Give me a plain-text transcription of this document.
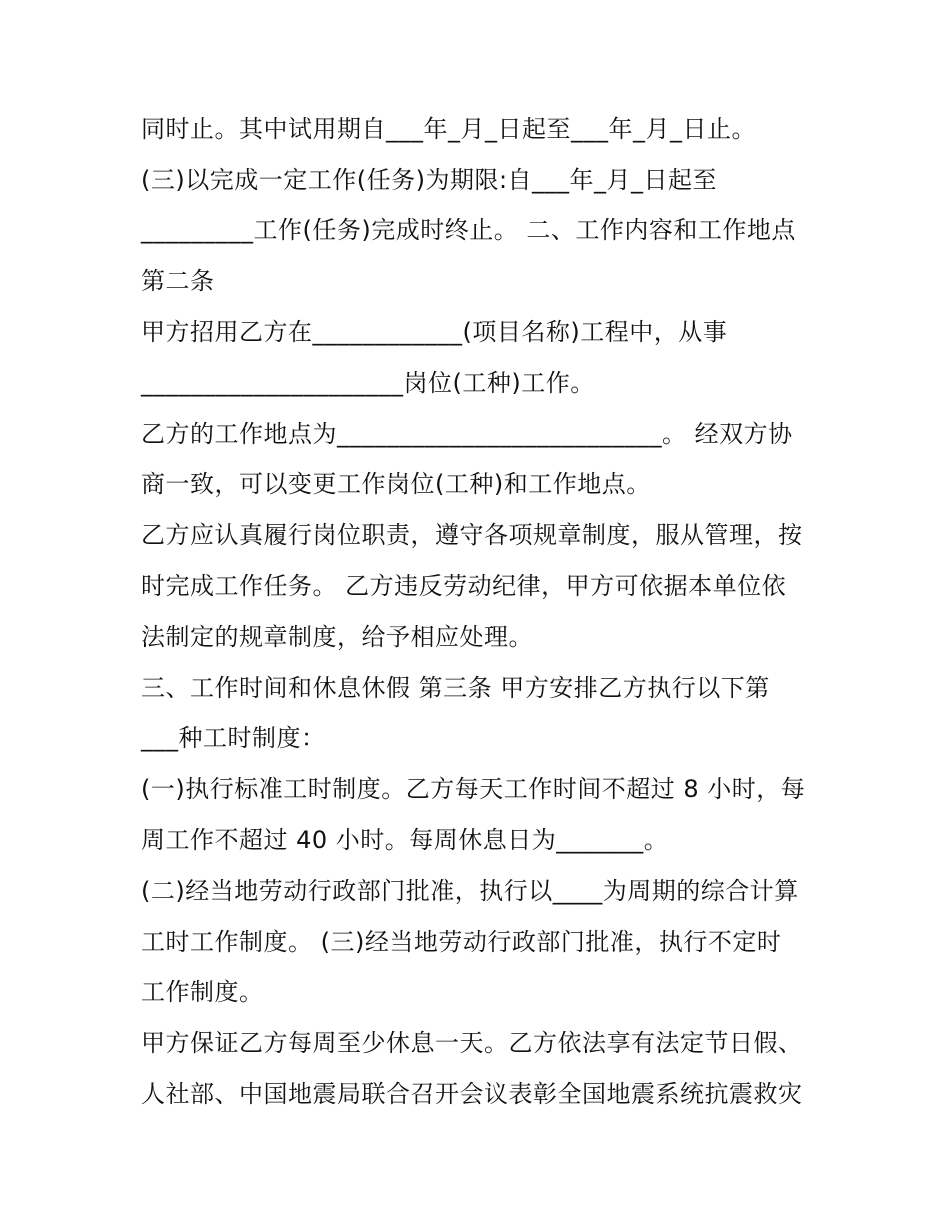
同时止。其中试用期自___年_月_日起至___年_月_日止。
(三)以完成一定工作(任务)为期限:自___年_月_日起至
_________工作(任务)完成时终止。 二、工作内容和工作地点
第二条
甲方招用乙方在____________(项目名称)工程中，从事
_____________________岗位(工种)工作。
乙方的工作地点为__________________________。 经双方协
商一致，可以变更工作岗位(工种)和工作地点。
乙方应认真履行岗位职责，遵守各项规章制度，服从管理，按
时完成工作任务。 乙方违反劳动纪律，甲方可依据本单位依
法制定的规章制度，给予相应处理。
三、工作时间和休息休假 第三条 甲方安排乙方执行以下第
___种工时制度：
(一)执行标准工时制度。乙方每天工作时间不超过 8 小时，每
周工作不超过 40 小时。每周休息日为_______。
(二)经当地劳动行政部门批准，执行以____为周期的综合计算
工时工作制度。 (三)经当地劳动行政部门批准，执行不定时
工作制度。
甲方保证乙方每周至少休息一天。乙方依法享有法定节日假、
人社部、中国地震局联合召开会议表彰全国地震系统抗震救灾
